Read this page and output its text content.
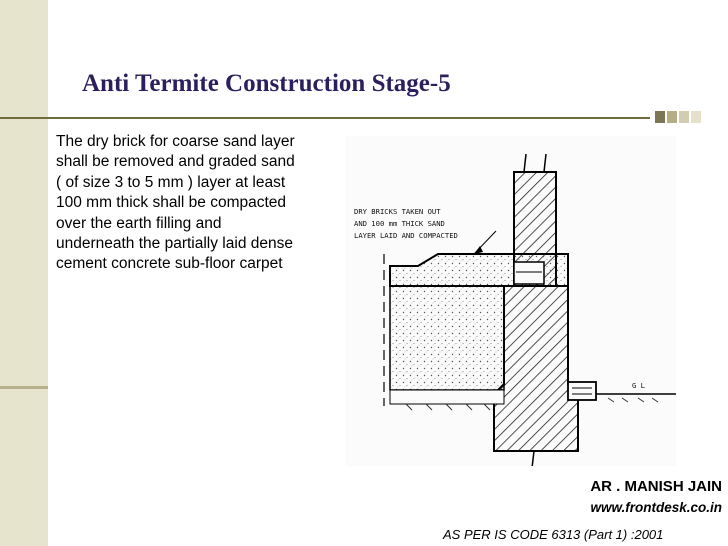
Anti Termite Construction Stage-5
The dry brick for coarse sand layer shall be removed and graded sand ( of size 3 to 5 mm ) layer at least 100 mm thick shall be compacted over the earth filling and underneath the partially laid dense cement concrete sub-floor carpet
DRY BRICKS TAKEN OUT
AND 100 mm THICK SAND
LAYER LAID AND COMPACTED
G L
AR . MANISH JAIN
www.frontdesk.co.in
AS PER IS CODE 6313 (Part 1) :2001
